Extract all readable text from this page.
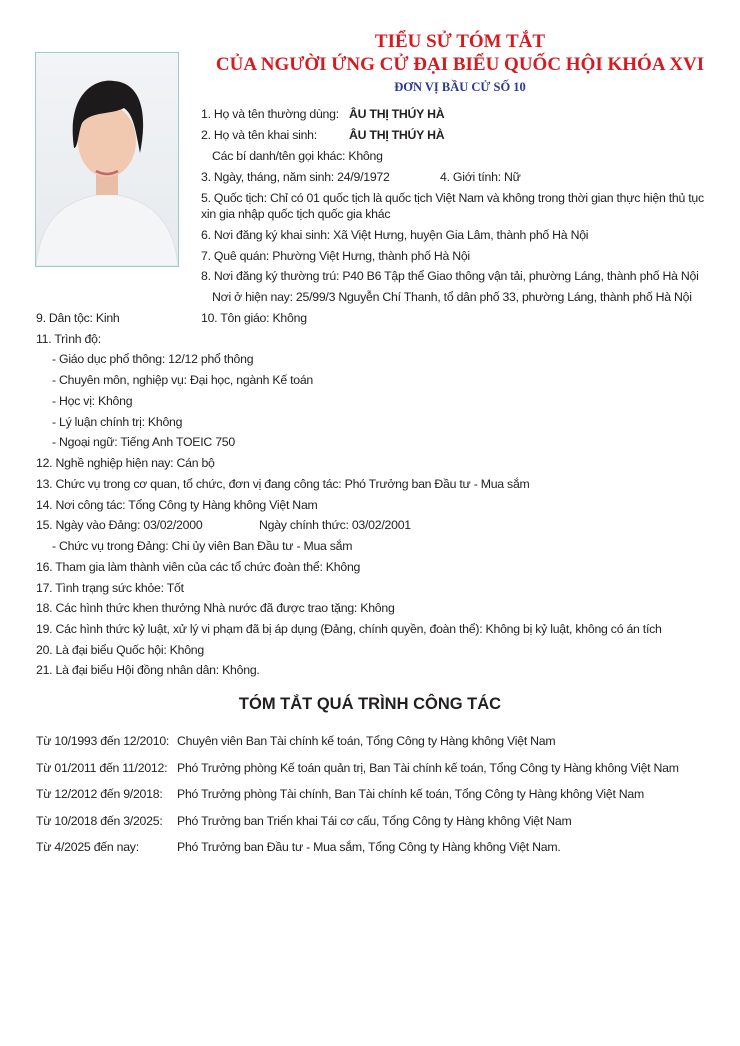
TIỂU SỬ TÓM TẮT
CỦA NGƯỜI ỨNG CỬ ĐẠI BIỂU QUỐC HỘI KHÓA XVI
ĐƠN VỊ BẦU CỬ SỐ 10
1. Họ và tên thường dùng: ÂU THỊ THÚY HÀ
2. Họ và tên khai sinh:	ÂU THỊ THÚY HÀ
Các bí danh/tên gọi khác: Không
3. Ngày, tháng, năm sinh: 24/9/1972	4. Giới tính: Nữ
5. Quốc tịch: Chỉ có 01 quốc tịch là quốc tịch Việt Nam và không trong thời gian thực hiện thủ tục
xin gia nhập quốc tịch quốc gia khác
6. Nơi đăng ký khai sinh: Xã Việt Hưng, huyện Gia Lâm, thành phố Hà Nội
7. Quê quán: Phường Việt Hưng, thành phố Hà Nội
8. Nơi đăng ký thường trú: P40 B6 Tập thể Giao thông vận tải, phường Láng, thành phố Hà Nội
Nơi ở hiện nay: 25/99/3 Nguyễn Chí Thanh, tổ dân phố 33, phường Láng, thành phố Hà Nội
9. Dân tộc: Kinh	10. Tôn giáo: Không
11. Trình độ:
- Giáo dục phổ thông: 12/12 phổ thông
- Chuyên môn, nghiệp vụ: Đại học, ngành Kế toán
- Học vị: Không
- Lý luận chính trị: Không
- Ngoại ngữ: Tiếng Anh TOEIC 750
12. Nghề nghiệp hiện nay: Cán bộ
13. Chức vụ trong cơ quan, tổ chức, đơn vị đang công tác: Phó Trưởng ban Đầu tư - Mua sắm
14. Nơi công tác: Tổng Công ty Hàng không Việt Nam
15. Ngày vào Đảng: 03/02/2000	Ngày chính thức: 03/02/2001
- Chức vụ trong Đảng: Chi ủy viên Ban Đầu tư - Mua sắm
16. Tham gia làm thành viên của các tổ chức đoàn thể: Không
17. Tình trạng sức khỏe: Tốt
18. Các hình thức khen thưởng Nhà nước đã được trao tặng: Không
19. Các hình thức kỷ luật, xử lý vi phạm đã bị áp dụng (Đảng, chính quyền, đoàn thể): Không bị kỷ luật, không có án tích
20. Là đại biểu Quốc hội: Không
21. Là đại biểu Hội đồng nhân dân: Không.
TÓM TẮT QUÁ TRÌNH CÔNG TÁC
Từ 10/1993 đến 12/2010: Chuyên viên Ban Tài chính kế toán, Tổng Công ty Hàng không Việt Nam
Từ 01/2011 đến 11/2012: Phó Trưởng phòng Kế toán quản trị, Ban Tài chính kế toán, Tổng Công ty Hàng không Việt Nam
Từ 12/2012 đến 9/2018: Phó Trưởng phòng Tài chính, Ban Tài chính kế toán, Tổng Công ty Hàng không Việt Nam
Từ 10/2018 đến 3/2025: Phó Trưởng ban Triển khai Tái cơ cấu, Tổng Công ty Hàng không Việt Nam
Từ 4/2025 đến nay:	Phó Trưởng ban Đầu tư - Mua sắm, Tổng Công ty Hàng không Việt Nam.
